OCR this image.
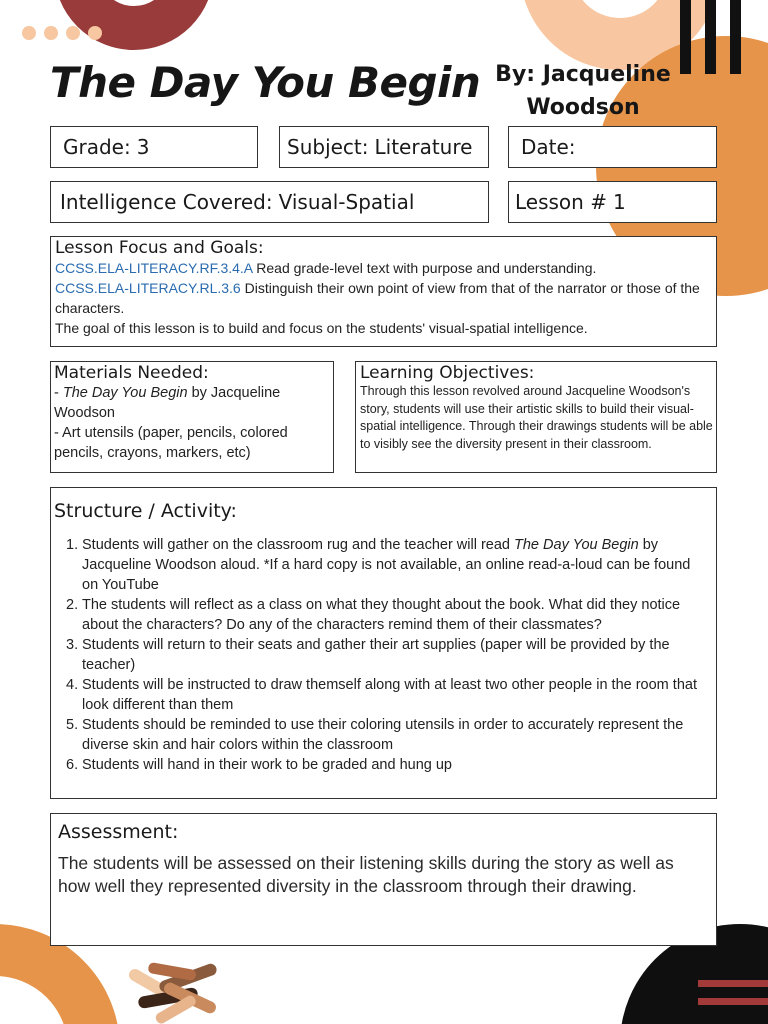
The Day You Begin By: Jacqueline Woodson
Grade: 3	Subject: Literature Date:
Intelligence Covered: Visual-Spatial	Lesson # 1
Lesson Focus and Goals:
CCSS.ELA-LITERACY.RF.3.4.A Read grade-level text with purpose and understanding.
CCSS.ELA-LITERACY.RL.3.6 Distinguish their own point of view from that of the narrator or those of the characters.
The goal of this lesson is to build and focus on the students' visual-spatial intelligence.
Materials Needed:
- The Day You Begin by Jacqueline Woodson
- Art utensils (paper, pencils, colored pencils, crayons, markers, etc)
Learning Objectives:
Through this lesson revolved around Jacqueline Woodson's story, students will use their artistic skills to build their visual-spatial intelligence. Through their drawings students will be able to visibly see the diversity present in their classroom.
Structure / Activity:
1. Students will gather on the classroom rug and the teacher will read The Day You Begin by Jacqueline Woodson aloud. *If a hard copy is not available, an online read-a-loud can be found on YouTube
2. The students will reflect as a class on what they thought about the book. What did they notice about the characters? Do any of the characters remind them of their classmates?
3. Students will return to their seats and gather their art supplies (paper will be provided by the teacher)
4. Students will be instructed to draw themself along with at least two other people in the room that look different than them
5. Students should be reminded to use their coloring utensils in order to accurately represent the diverse skin and hair colors within the classroom
6. Students will hand in their work to be graded and hung up
Assessment:
The students will be assessed on their listening skills during the story as well as how well they represented diversity in the classroom through their drawing.
